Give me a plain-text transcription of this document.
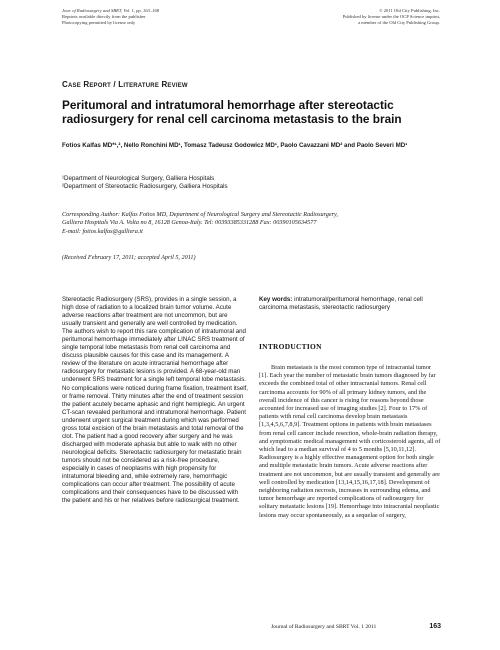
Jour. of Radiosurgery and SBRT, Vol. 1, pp. 163–168
Reprints available directly from the publisher
Photocopying permitted by license only
© 2011 Old City Publishing, Inc.
Published by license under the OCP Science imprint,
a member of the Old City Publishing Group.
Case Report / Literature Review
Peritumoral and intratumoral hemorrhage after stereotactic radiosurgery for renal cell carcinoma metastasis to the brain
Fotios Kalfas MD*¹,², Nello Ronchini MD¹, Tomasz Tadeusz Godowicz MD¹, Paolo Cavazzani MD² and Paolo Severi MD¹
¹Department of Neurological Surgery, Galliera Hospitals
²Department of Stereotactic Radiosurgery, Galliera Hospitals
Corresponding Author: Kalfas Fotios MD, Department of Neurological Surgery and Stereotactic Radiosurgery,
Galliera Hospitals Via A. Volta no 8, 16128 Genoa-Italy. Tel: 00393385331288 Fax: 00390105634577
E-mail: fotios.kalfas@galliera.it
(Received February 17, 2011; accepted April 5, 2011)

Stereotactic Radiosurgery (SRS), provides in a single session, a high dose of radiation to a localized brain tumor volume. Acute adverse reactions after treatment are not uncommon, but are usually transient and generally are well controlled by medication. The authors wish to report this rare complication of intratumoral and peritumoral hemorrhage immediately after LINAC SRS treatment of single temporal lobe metastasis from renal cell carcinoma and discuss plausible causes for this case and its management. A review of the literature on acute intracranial hemorrhage after radiosurgery for metastatic lesions is provided. A 68-year-old man underwent SRS treatment for a single left temporal lobe metastasis. No complications were noticed during frame fixation, treatment itself, or frame removal. Thirty minutes after the end of treatment session the patient acutely became aphasic and right hemiplegic. An urgent CT-scan revealed peritumoral and intratumoral hemorrhage. Patient underwent urgent surgical treatment during which was performed gross total excision of the brain metastasis and total removal of the clot. The patient had a good recovery after surgery and he was discharged with moderate aphasia but able to walk with no other neurological deficits. Stereotactic radiosurgery for metastatic brain tumors should not be considered as a risk-free procedure, especially in cases of neoplasms with high propensity for intratumoral bleeding and, while extremely rare, hemorrhagic complications can occur after treatment. The possibility of acute complications and their consequences have to be discussed with the patient and his or her relatives before radiosurgical treatment.

Key words: intratumoral/peritumoral hemorrhage, renal cell carcinoma metastasis, stereotactic radiosurgery

INTRODUCTION

Brain metastasis is the most common type of intracranial tumor [1]. Each year the number of metastatic brain tumors diagnosed by far exceeds the combined total of other intracranial tumors. Renal cell carcinoma accounts for 90% of all primary kidney tumors, and the overall incidence of this cancer is rising for reasons beyond those accounted for increased use of imaging studies [2]. Four to 17% of patients with renal cell carcinoma develop brain metastasis [1,3,4,5,6,7,8,9]. Treatment options in patients with brain metastases from renal cell cancer include resection, whole-brain radiation therapy, and symptomatic medical management with corticosteroid agents, all of which lead to a median survival of 4 to 5 months [5,10,11,12]. Radiosurgery is a highly effective management option for both single and multiple metastatic brain tumors. Acute adverse reactions after treatment are not uncommon, but are usually transient and generally are well controlled by medication [13,14,15,16,17,18]. Development of neighboring radiation necrosis, increases in surrounding edema, and tumor hemorrhage are reported complications of radiosurgery for solitary metastatic lesions [19]. Hemorrhage into intracranial neoplastic lesions may occur spontaneously, as a sequelae of surgery,

Journal of Radiosurgery and SBRT Vol. 1 2011	163
